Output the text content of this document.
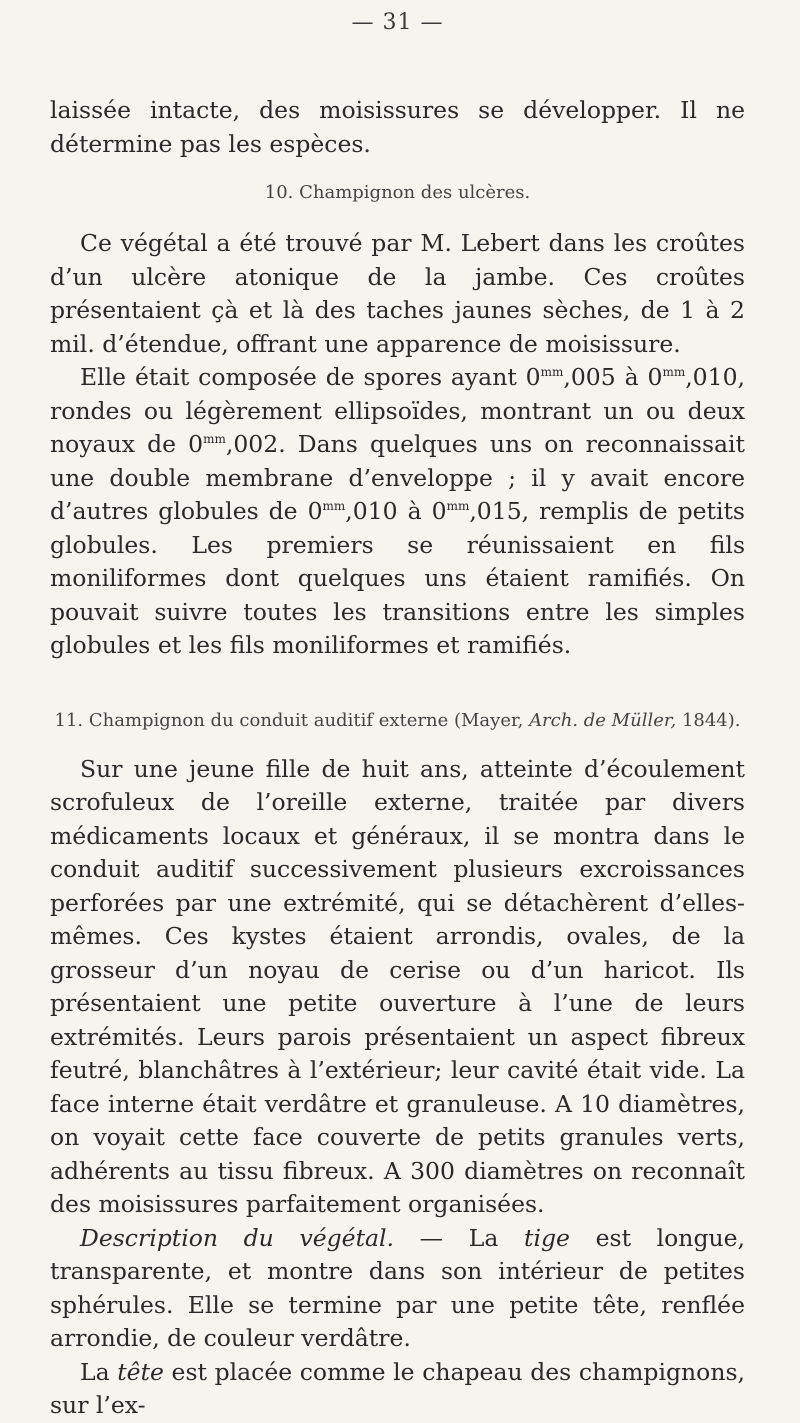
— 31 —

laissée intacte, des moisissures se développer. Il ne détermine pas les espèces.

10. Champignon des ulcères.

Ce végétal a été trouvé par M. Lebert dans les croûtes d’un ulcère atonique de la jambe. Ces croûtes présentaient çà et là des taches jaunes sèches, de 1 à 2 mil. d’étendue, offrant une apparence de moisissure.

Elle était composée de spores ayant $0^{mm},005$ à $0^{mm},010$, rondes ou légèrement ellipsoïdes, montrant un ou deux noyaux de $0^{mm},002$. Dans quelques uns on reconnaissait une double membrane d’enveloppe ; il y avait encore d’autres globules de $0^{mm},010$ à $0^{mm},015$, remplis de petits globules. Les premiers se réunissaient en fils moniliformes dont quelques uns étaient ramifiés. On pouvait suivre toutes les transitions entre les simples globules et les fils moniliformes et ramifiés.

11. Champignon du conduit auditif externe (Mayer, Arch. de Müller, 1844).

Sur une jeune fille de huit ans, atteinte d’écoulement scrofuleux de l’oreille externe, traitée par divers médicaments locaux et généraux, il se montra dans le conduit auditif successivement plusieurs excroissances perforées par une extrémité, qui se détachèrent d’elles-mêmes. Ces kystes étaient arrondis, ovales, de la grosseur d’un noyau de cerise ou d’un haricot. Ils présentaient une petite ouverture à l’une de leurs extrémités. Leurs parois présentaient un aspect fibreux feutré, blanchâtres à l’extérieur; leur cavité était vide. La face interne était verdâtre et granuleuse. A 10 diamètres, on voyait cette face couverte de petits granules verts, adhérents au tissu fibreux. A 300 diamètres on reconnaît des moisissures parfaitement organisées.

Description du végétal. — La tige est longue, transparente, et montre dans son intérieur de petites sphérules. Elle se termine par une petite tête, renflée arrondie, de couleur verdâtre.

La tête est placée comme le chapeau des champignons, sur l’ex-
